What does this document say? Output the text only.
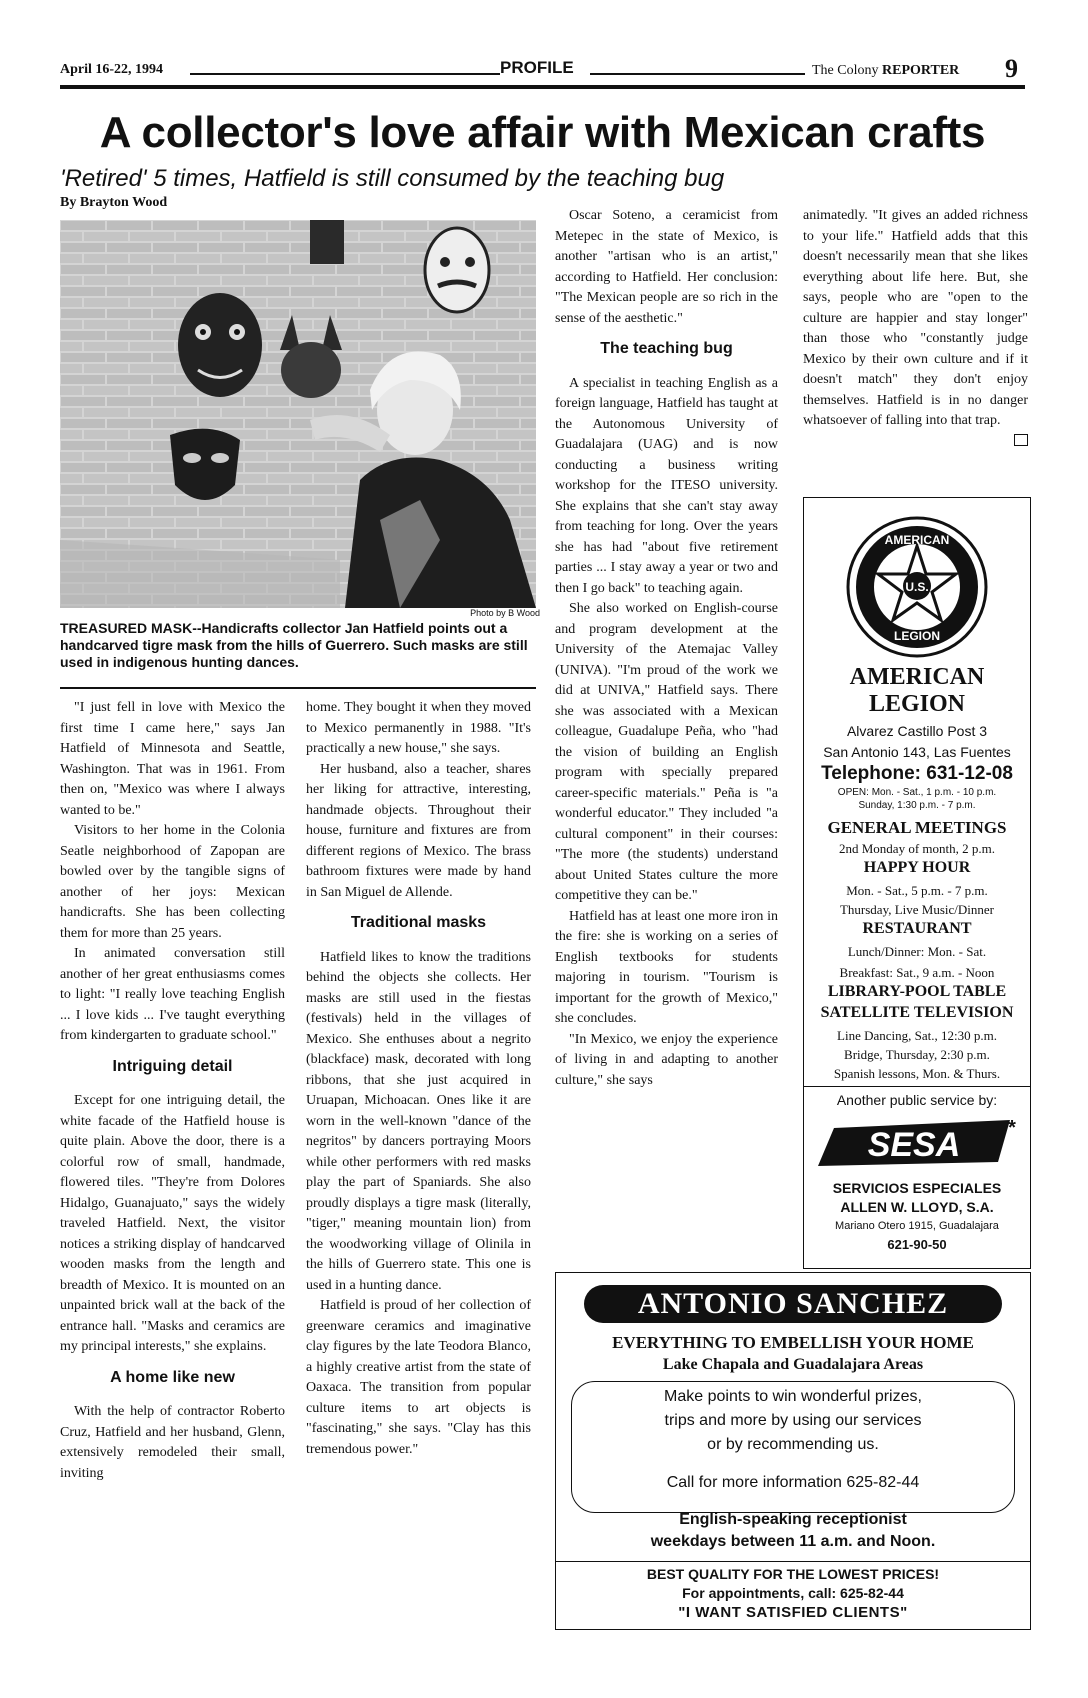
April 16-22, 1994	PROFILE	The Colony REPORTER 9
A collector's love affair with Mexican crafts
'Retired' 5 times, Hatfield is still consumed by the teaching bug
By Brayton Wood
Photo by B Wood
TREASURED MASK--Handicrafts collector Jan Hatfield points out a handcarved tigre mask from the hills of Guerrero. Such masks are still used in indigenous hunting dances.

"I just fell in love with Mexico the first time I came here," says Jan Hatfield of Minnesota and Seattle, Washington. That was in 1961. From then on, "Mexico was where I always wanted to be."

Visitors to her home in the Colonia Seatle neighborhood of Zapopan are bowled over by the tangible signs of another of her joys: Mexican handicrafts. She has been collecting them for more than 25 years.

In animated conversation still another of her great enthusiasms comes to light: "I really love teaching English ... I love kids ... I've taught everything from kindergarten to graduate school."

Intriguing detail

Except for one intriguing detail, the white facade of the Hatfield house is quite plain. Above the door, there is a colorful row of small, handmade, flowered tiles. "They're from Dolores Hidalgo, Guanajuato," says the widely traveled Hatfield. Next, the visitor notices a striking display of handcarved wooden masks from the length and breadth of Mexico. It is mounted on an unpainted brick wall at the back of the entrance hall. "Masks and ceramics are my principal interests," she explains.

A home like new

With the help of contractor Roberto Cruz, Hatfield and her husband, Glenn, extensively remodeled their small, inviting

home. They bought it when they moved to Mexico permanently in 1988. "It's practically a new house," she says.

Her husband, also a teacher, shares her liking for attractive, interesting, handmade objects. Throughout their house, furniture and fixtures are from different regions of Mexico. The brass bathroom fixtures were made by hand in San Miguel de Allende.

Traditional masks

Hatfield likes to know the traditions behind the objects she collects. Her masks are still used in the fiestas (festivals) held in the villages of Mexico. She enthuses about a negrito (blackface) mask, decorated with long ribbons, that she just acquired in Uruapan, Michoacan. Ones like it are worn in the well-known "dance of the negritos" by dancers portraying Moors while other performers with red masks play the part of Spaniards. She also proudly displays a tigre mask (literally, "tiger," meaning mountain lion) from the woodworking village of Olinila in the hills of Guerrero state. This one is used in a hunting dance.

Hatfield is proud of her collection of greenware ceramics and imaginative clay figures by the late Teodora Blanco, a highly creative artist from the state of Oaxaca. The transition from popular culture items to art objects is "fascinating," she says. "Clay has this tremendous power."

Oscar Soteno, a ceramicist from Metepec in the state of Mexico, is another "artisan who is an artist," according to Hatfield. Her conclusion: "The Mexican people are so rich in the sense of the aesthetic."

The teaching bug

A specialist in teaching English as a foreign language, Hatfield has taught at the Autonomous University of Guadalajara (UAG) and is now conducting a business writing workshop for the ITESO university. She explains that she can't stay away from teaching for long. Over the years she has had "about five retirement parties ... I stay away a year or two and then I go back" to teaching again.

She also worked on English-course and program development at the University of the Atemajac Valley (UNIVA). "I'm proud of the work we did at UNIVA," Hatfield says. There she was associated with a Mexican colleague, Guadalupe Peña, who "had the vision of building an English program with specially prepared career-specific materials." Peña is "a wonderful educator." They included "a cultural component" in their courses: "The more (the students) understand about United States culture the more competitive they can be."

Hatfield has at least one more iron in the fire: she is working on a series of English textbooks for students majoring in tourism. "Tourism is important for the growth of Mexico," she concludes.

"In Mexico, we enjoy the experience of living in and adapting to another culture," she says

animatedly. "It gives an added richness to your life." Hatfield adds that this doesn't necessarily mean that she likes everything about life here. But, she says, people who are "open to the culture are happier and stay longer" than those who "constantly judge Mexico by their own culture and if it doesn't match" they don't enjoy themselves. Hatfield is in no danger whatsoever of falling into that trap.

U.S.
AMERICAN
LEGION
AMERICAN
LEGION
Alvarez Castillo Post 3
San Antonio 143, Las Fuentes
Telephone: 631-12-08
OPEN: Mon. - Sat., 1 p.m. - 10 p.m.
Sunday, 1:30 p.m. - 7 p.m.
GENERAL MEETINGS
2nd Monday of month, 2 p.m.
HAPPY HOUR
Mon. - Sat., 5 p.m. - 7 p.m.
Thursday, Live Music/Dinner
RESTAURANT
Lunch/Dinner: Mon. - Sat.
Breakfast: Sat., 9 a.m. - Noon
LIBRARY-POOL TABLE
SATELLITE TELEVISION
Line Dancing, Sat., 12:30 p.m.
Bridge, Thursday, 2:30 p.m.
Spanish lessons, Mon. & Thurs.
Another public service by:
SESA *
SERVICIOS ESPECIALES
ALLEN W. LLOYD, S.A.
Mariano Otero 1915, Guadalajara
621-90-50
ANTONIO SANCHEZ
EVERYTHING TO EMBELLISH YOUR HOME
Lake Chapala and Guadalajara Areas
Make points to win wonderful prizes,
trips and more by using our services
or by recommending us.
Call for more information 625-82-44
English-speaking receptionist
weekdays between 11 a.m. and Noon.
BEST QUALITY FOR THE LOWEST PRICES!
For appointments, call: 625-82-44
"I WANT SATISFIED CLIENTS"
